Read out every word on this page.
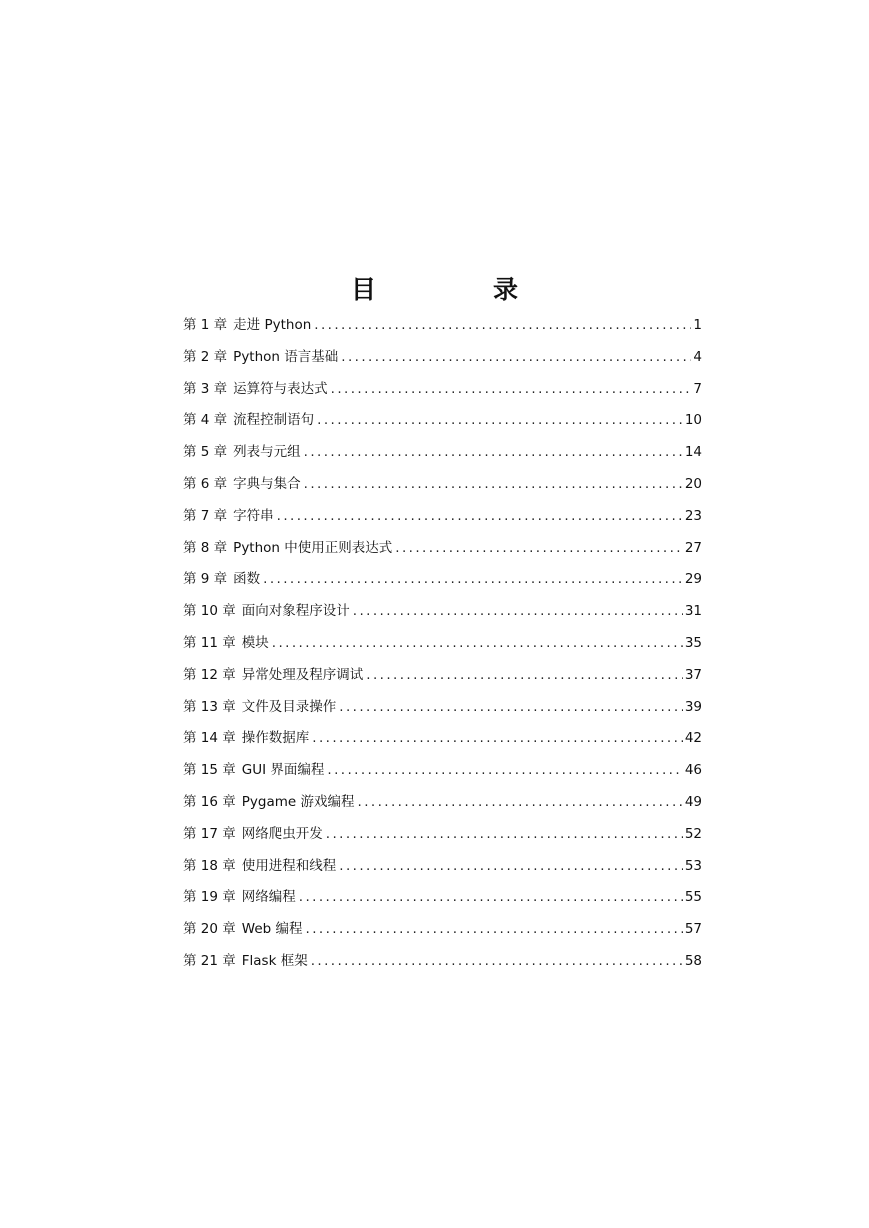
目　录
第 1 章 走进 Python .....	1
第 2 章 Python 语言基础 .....	4
第 3 章 运算符与表达式 .....	7
第 4 章 流程控制语句 .....	10
第 5 章 列表与元组 .....	14
第 6 章 字典与集合 .....	20
第 7 章 字符串 .....	23
第 8 章 Python 中使用正则表达式 .....	27
第 9 章 函数 .....	29
第 10 章 面向对象程序设计 .....	31
第 11 章 模块 .....	35
第 12 章 异常处理及程序调试 .....	37
第 13 章 文件及目录操作 .....	39
第 14 章 操作数据库 .....	42
第 15 章 GUI 界面编程 .....	46
第 16 章 Pygame 游戏编程 .....	49
第 17 章 网络爬虫开发 .....	52
第 18 章 使用进程和线程 .....	53
第 19 章 网络编程 .....	55
第 20 章 Web 编程 .....	57
第 21 章 Flask 框架 .....	58
